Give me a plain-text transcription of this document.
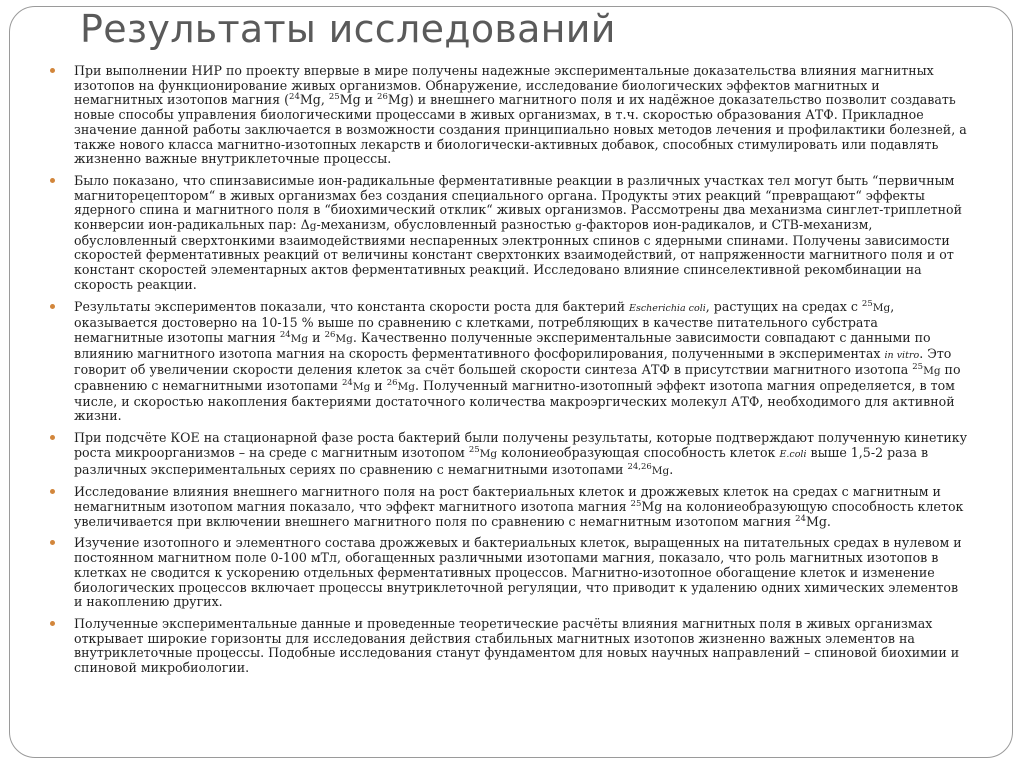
Результаты исследований
При выполнении НИР по проекту впервые в мире получены надежные экспериментальные доказательства влияния магнитных изотопов на функционирование живых организмов. Обнаружение, исследование биологических эффектов магнитных и немагнитных изотопов магния ($^{24}$Mg, $^{25}$Mg и $^{26}$Mg) и внешнего магнитного поля и их надёжное доказательство позволит создавать новые способы управления биологическими процессами в живых организмах, в т.ч. скоростью образования АТФ. Прикладное значение данной работы заключается в возможности создания принципиально новых методов лечения и профилактики болезней, а также нового класса магнитно-изотопных лекарств и биологически-активных добавок, способных стимулировать или подавлять жизненно важные внутриклеточные процессы.
Было показано, что спинзависимые ион-радикальные ферментативные реакции в различных участках тел могут быть “первичным магниторецептором“ в живых организмах без создания специального органа. Продукты этих реакций “превращают“ эффекты ядерного спина и магнитного поля в “биохимический отклик“ живых организмов. Рассмотрены два механизма синглет-триплетной конверсии ион-радикальных пар: Δg-механизм, обусловленный разностью g-факторов ион-радикалов, и СТВ-механизм, обусловленный сверхтонкими взаимодействиями неспаренных электронных спинов с ядерными спинами. Получены зависимости скоростей ферментативных реакций от величины констант сверхтонких взаимодействий, от напряженности магнитного поля и от констант скоростей элементарных актов ферментативных реакций. Исследовано влияние спинселективной рекомбинации на скорость реакции.
Результаты экспериментов показали, что константа скорости роста для бактерий Escherichia coli, растущих на средах с $^{25}$Mg, оказывается достоверно на 10-15 % выше по сравнению с клетками, потребляющих в качестве питательного субстрата немагнитные изотопы магния $^{24}$Mg и $^{26}$Mg. Качественно полученные экспериментальные зависимости совпадают с данными по влиянию магнитного изотопа магния на скорость ферментативного фосфорилирования, полученными в экспериментах in vitro. Это говорит об увеличении скорости деления клеток за счёт большей скорости синтеза АТФ в присутствии магнитного изотопа $^{25}$Mg по сравнению с немагнитными изотопами $^{24}$Mg и $^{26}$Mg. Полученный магнитно-изотопный эффект изотопа магния определяется, в том числе, и скоростью накопления бактериями достаточного количества макроэргических молекул АТФ, необходимого для активной жизни.
При подсчёте КОЕ на стационарной фазе роста бактерий были получены результаты, которые подтверждают полученную кинетику роста микроорганизмов – на среде с магнитным изотопом $^{25}$Mg колониеобразующая способность клеток E.coli выше 1,5-2 раза в различных экспериментальных сериях по сравнению с немагнитными изотопами $^{24,26}$Mg.
Исследование влияния внешнего магнитного поля на рост бактериальных клеток и дрожжевых клеток на средах с магнитным и немагнитным изотопом магния показало, что эффект магнитного изотопа магния $^{25}$Mg на колониеобразующую способность клеток увеличивается при включении внешнего магнитного поля по сравнению с немагнитным изотопом магния $^{24}$Mg.
Изучение изотопного и элементного состава дрожжевых и бактериальных клеток, выращенных на питательных средах в нулевом и постоянном магнитном поле 0-100 мТл, обогащенных различными изотопами магния, показало, что роль магнитных изотопов в клетках не сводится к ускорению отдельных ферментативных процессов. Магнитно-изотопное обогащение клеток и изменение биологических процессов включает процессы внутриклеточной регуляции, что приводит к удалению одних химических элементов и накоплению других.
Полученные экспериментальные данные и проведенные теоретические расчёты влияния магнитных поля в живых организмах открывает широкие горизонты для исследования действия стабильных магнитных изотопов жизненно важных элементов на внутриклеточные процессы. Подобные исследования станут фундаментом для новых научных направлений – спиновой биохимии и спиновой микробиологии.
